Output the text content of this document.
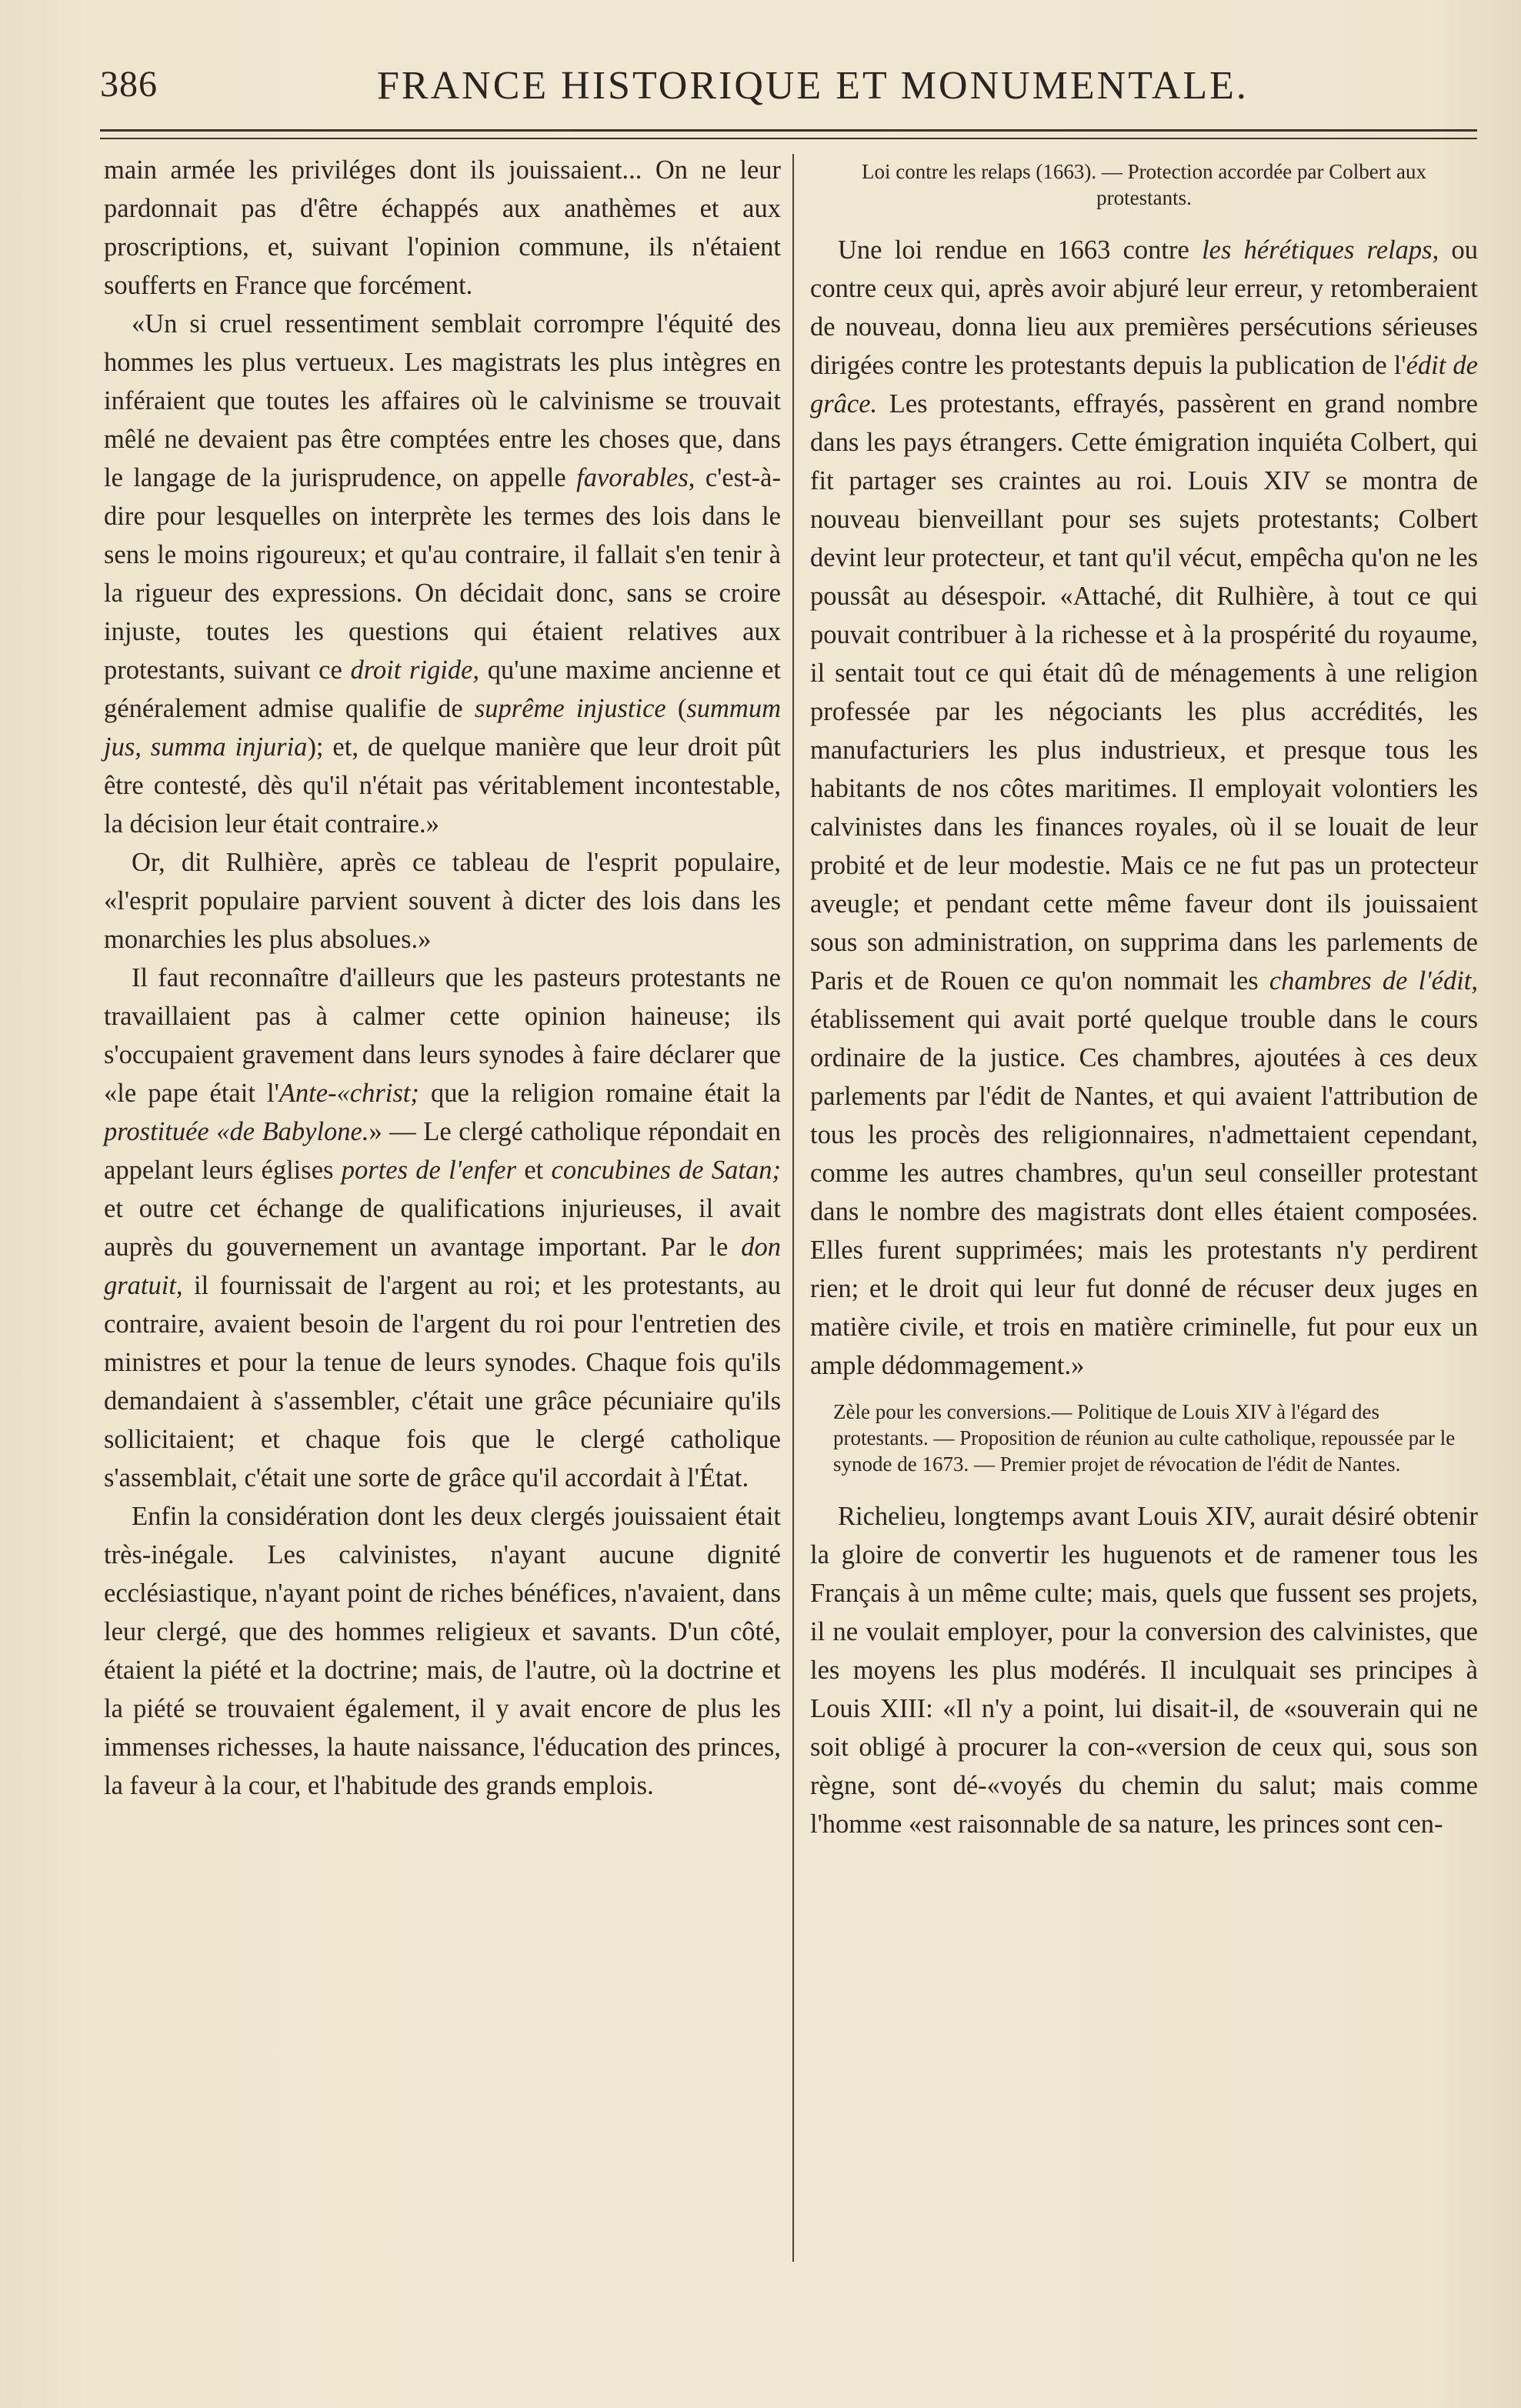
386	FRANCE HISTORIQUE ET MONUMENTALE.

main armée les priviléges dont ils jouissaient... On ne leur pardonnait pas d'être échappés aux anathèmes et aux proscriptions, et, suivant l'opinion commune, ils n'étaient soufferts en France que forcément.

«Un si cruel ressentiment semblait corrompre l'équité des hommes les plus vertueux. Les magistrats les plus intègres en inféraient que toutes les affaires où le calvinisme se trouvait mêlé ne devaient pas être comptées entre les choses que, dans le langage de la jurisprudence, on appelle favorables, c'est-à-dire pour lesquelles on interprète les termes des lois dans le sens le moins rigoureux; et qu'au contraire, il fallait s'en tenir à la rigueur des expressions. On décidait donc, sans se croire injuste, toutes les questions qui étaient relatives aux protestants, suivant ce droit rigide, qu'une maxime ancienne et généralement admise qualifie de suprême injustice (summum jus, summa injuria); et, de quelque manière que leur droit pût être contesté, dès qu'il n'était pas véritablement incontestable, la décision leur était contraire.»

Or, dit Rulhière, après ce tableau de l'esprit populaire, «l'esprit populaire parvient souvent à dicter des lois dans les monarchies les plus absolues.»

Il faut reconnaître d'ailleurs que les pasteurs protestants ne travaillaient pas à calmer cette opinion haineuse; ils s'occupaient gravement dans leurs synodes à faire déclarer que «le pape était l'Ante-«christ; que la religion romaine était la prostituée «de Babylone.» — Le clergé catholique répondait en appelant leurs églises portes de l'enfer et concubines de Satan; et outre cet échange de qualifications injurieuses, il avait auprès du gouvernement un avantage important. Par le don gratuit, il fournissait de l'argent au roi; et les protestants, au contraire, avaient besoin de l'argent du roi pour l'entretien des ministres et pour la tenue de leurs synodes. Chaque fois qu'ils demandaient à s'assembler, c'était une grâce pécuniaire qu'ils sollicitaient; et chaque fois que le clergé catholique s'assemblait, c'était une sorte de grâce qu'il accordait à l'État.

Enfin la considération dont les deux clergés jouissaient était très-inégale. Les calvinistes, n'ayant aucune dignité ecclésiastique, n'ayant point de riches bénéfices, n'avaient, dans leur clergé, que des hommes religieux et savants. D'un côté, étaient la piété et la doctrine; mais, de l'autre, où la doctrine et la piété se trouvaient également, il y avait encore de plus les immenses richesses, la haute naissance, l'éducation des princes, la faveur à la cour, et l'habitude des grands emplois.

Loi contre les relaps (1663). — Protection accordée par Colbert aux protestants.

Une loi rendue en 1663 contre les hérétiques relaps, ou contre ceux qui, après avoir abjuré leur erreur, y retomberaient de nouveau, donna lieu aux premières persécutions sérieuses dirigées contre les protestants depuis la publication de l'édit de grâce. Les protestants, effrayés, passèrent en grand nombre dans les pays étrangers. Cette émigration inquiéta Colbert, qui fit partager ses craintes au roi. Louis XIV se montra de nouveau bienveillant pour ses sujets protestants; Colbert devint leur protecteur, et tant qu'il vécut, empêcha qu'on ne les poussât au désespoir. «Attaché, dit Rulhière, à tout ce qui pouvait contribuer à la richesse et à la prospérité du royaume, il sentait tout ce qui était dû de ménagements à une religion professée par les négociants les plus accrédités, les manufacturiers les plus industrieux, et presque tous les habitants de nos côtes maritimes. Il employait volontiers les calvinistes dans les finances royales, où il se louait de leur probité et de leur modestie. Mais ce ne fut pas un protecteur aveugle; et pendant cette même faveur dont ils jouissaient sous son administration, on supprima dans les parlements de Paris et de Rouen ce qu'on nommait les chambres de l'édit, établissement qui avait porté quelque trouble dans le cours ordinaire de la justice. Ces chambres, ajoutées à ces deux parlements par l'édit de Nantes, et qui avaient l'attribution de tous les procès des religionnaires, n'admettaient cependant, comme les autres chambres, qu'un seul conseiller protestant dans le nombre des magistrats dont elles étaient composées. Elles furent supprimées; mais les protestants n'y perdirent rien; et le droit qui leur fut donné de récuser deux juges en matière civile, et trois en matière criminelle, fut pour eux un ample dédommagement.»

Zèle pour les conversions.— Politique de Louis XIV à l'égard des protestants. — Proposition de réunion au culte catholique, repoussée par le synode de 1673. — Premier projet de révocation de l'édit de Nantes.

Richelieu, longtemps avant Louis XIV, aurait désiré obtenir la gloire de convertir les huguenots et de ramener tous les Français à un même culte; mais, quels que fussent ses projets, il ne voulait employer, pour la conversion des calvinistes, que les moyens les plus modérés. Il inculquait ses principes à Louis XIII: «Il n'y a point, lui disait-il, de «souverain qui ne soit obligé à procurer la con-«version de ceux qui, sous son règne, sont dé-«voyés du chemin du salut; mais comme l'homme «est raisonnable de sa nature, les princes sont cen-
